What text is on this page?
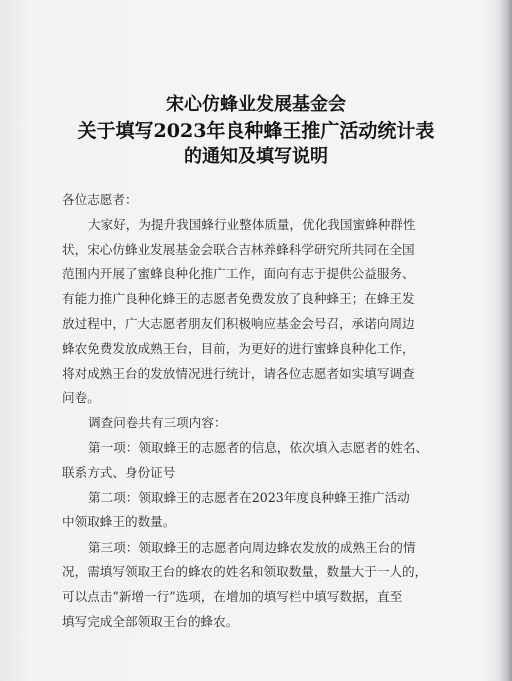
宋心仿蜂业发展基金会
关于填写2023年良种蜂王推广活动统计表
的通知及填写说明
各位志愿者：
大家好，为提升我国蜂行业整体质量，优化我国蜜蜂种群性
状，宋心仿蜂业发展基金会联合吉林养蜂科学研究所共同在全国
范围内开展了蜜蜂良种化推广工作，面向有志于提供公益服务、
有能力推广良种化蜂王的志愿者免费发放了良种蜂王；在蜂王发
放过程中，广大志愿者朋友们积极响应基金会号召，承诺向周边
蜂农免费发放成熟王台，目前，为更好的进行蜜蜂良种化工作，
将对成熟王台的发放情况进行统计，请各位志愿者如实填写调查
问卷。
调查问卷共有三项内容：
第一项：领取蜂王的志愿者的信息，依次填入志愿者的姓名、
联系方式、身份证号
第二项：领取蜂王的志愿者在2023年度良种蜂王推广活动
中领取蜂王的数量。
第三项：领取蜂王的志愿者向周边蜂农发放的成熟王台的情
况，需填写领取王台的蜂农的姓名和领取数量，数量大于一人的，
可以点击“新增一行”选项，在增加的填写栏中填写数据，直至
填写完成全部领取王台的蜂农。
